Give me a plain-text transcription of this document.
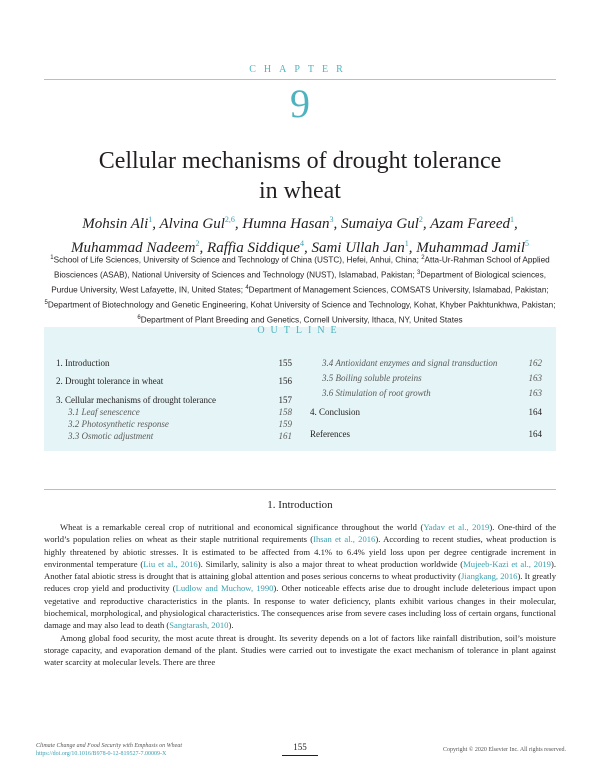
CHAPTER
9
Cellular mechanisms of drought tolerance
in wheat
Mohsin Ali$^1$, Alvina Gul$^{2,6}$, Humna Hasan$^3$, Sumaiya Gul$^2$, Azam Fareed$^1$,
Muhammad Nadeem$^2$, Raffia Siddique$^4$, Sami Ullah Jan$^1$, Muhammad Jamil$^5$
$^1$School of Life Sciences, University of Science and Technology of China (USTC), Hefei, Anhui, China; $^2$Atta-Ur-Rahman School of Applied Biosciences (ASAB), National University of Sciences and Technology (NUST), Islamabad, Pakistan; $^3$Department of Biological sciences, Purdue University, West Lafayette, IN, United States; $^4$Department of Management Sciences, COMSATS University, Islamabad, Pakistan; $^5$Department of Biotechnology and Genetic Engineering, Kohat University of Science and Technology, Kohat, Khyber Pakhtunkhwa, Pakistan; $^6$Department of Plant Breeding and Genetics, Cornell University, Ithaca, NY, United States
OUTLINE
1. Introduction	155
2. Drought tolerance in wheat	156
3. Cellular mechanisms of drought tolerance	157
3.1 Leaf senescence	158
3.2 Photosynthetic response	159
3.3 Osmotic adjustment	161
3.4 Antioxidant enzymes and signal transduction	162
3.5 Boiling soluble proteins	163
3.6 Stimulation of root growth	163
4. Conclusion	164
References	164
1. Introduction

Wheat is a remarkable cereal crop of nutritional and economical significance throughout the world (Yadav et al., 2019). One-third of the world’s population relies on wheat as their staple nutritional requirements (Ihsan et al., 2016). According to recent studies, wheat production is highly threatened by abiotic stresses. It is estimated to be affected from 4.1% to 6.4% yield loss upon per degree centigrade increment in environmental temperature (Liu et al., 2016). Similarly, salinity is also a major threat to wheat production worldwide (Mujeeb-Kazi et al., 2019). Another fatal abiotic stress is drought that is attaining global attention and poses serious concerns to wheat productivity (Jiangkang, 2016). It greatly reduces crop yield and productivity (Ludlow and Muchow, 1990). Other noticeable effects arise due to drought include deleterious impact upon vegetative and reproductive characteristics in the plants. In response to water deficiency, plants exhibit various changes in their molecular, biochemical, morphological, and physiological characteristics. The consequences arise from severe cases including loss of certain organs, functional damage and may also lead to death (Sangtarash, 2010).

Among global food security, the most acute threat is drought. Its severity depends on a lot of factors like rainfall distribution, soil’s moisture storage capacity, and evaporation demand of the plant. Studies were carried out to investigate the exact mechanism of tolerance in plant against water scarcity at molecular levels. There are three

Climate Change and Food Security with Emphasis on Wheat
https://doi.org/10.1016/B978-0-12-819527-7.00009-X
155	Copyright © 2020 Elsevier Inc. All rights reserved.
